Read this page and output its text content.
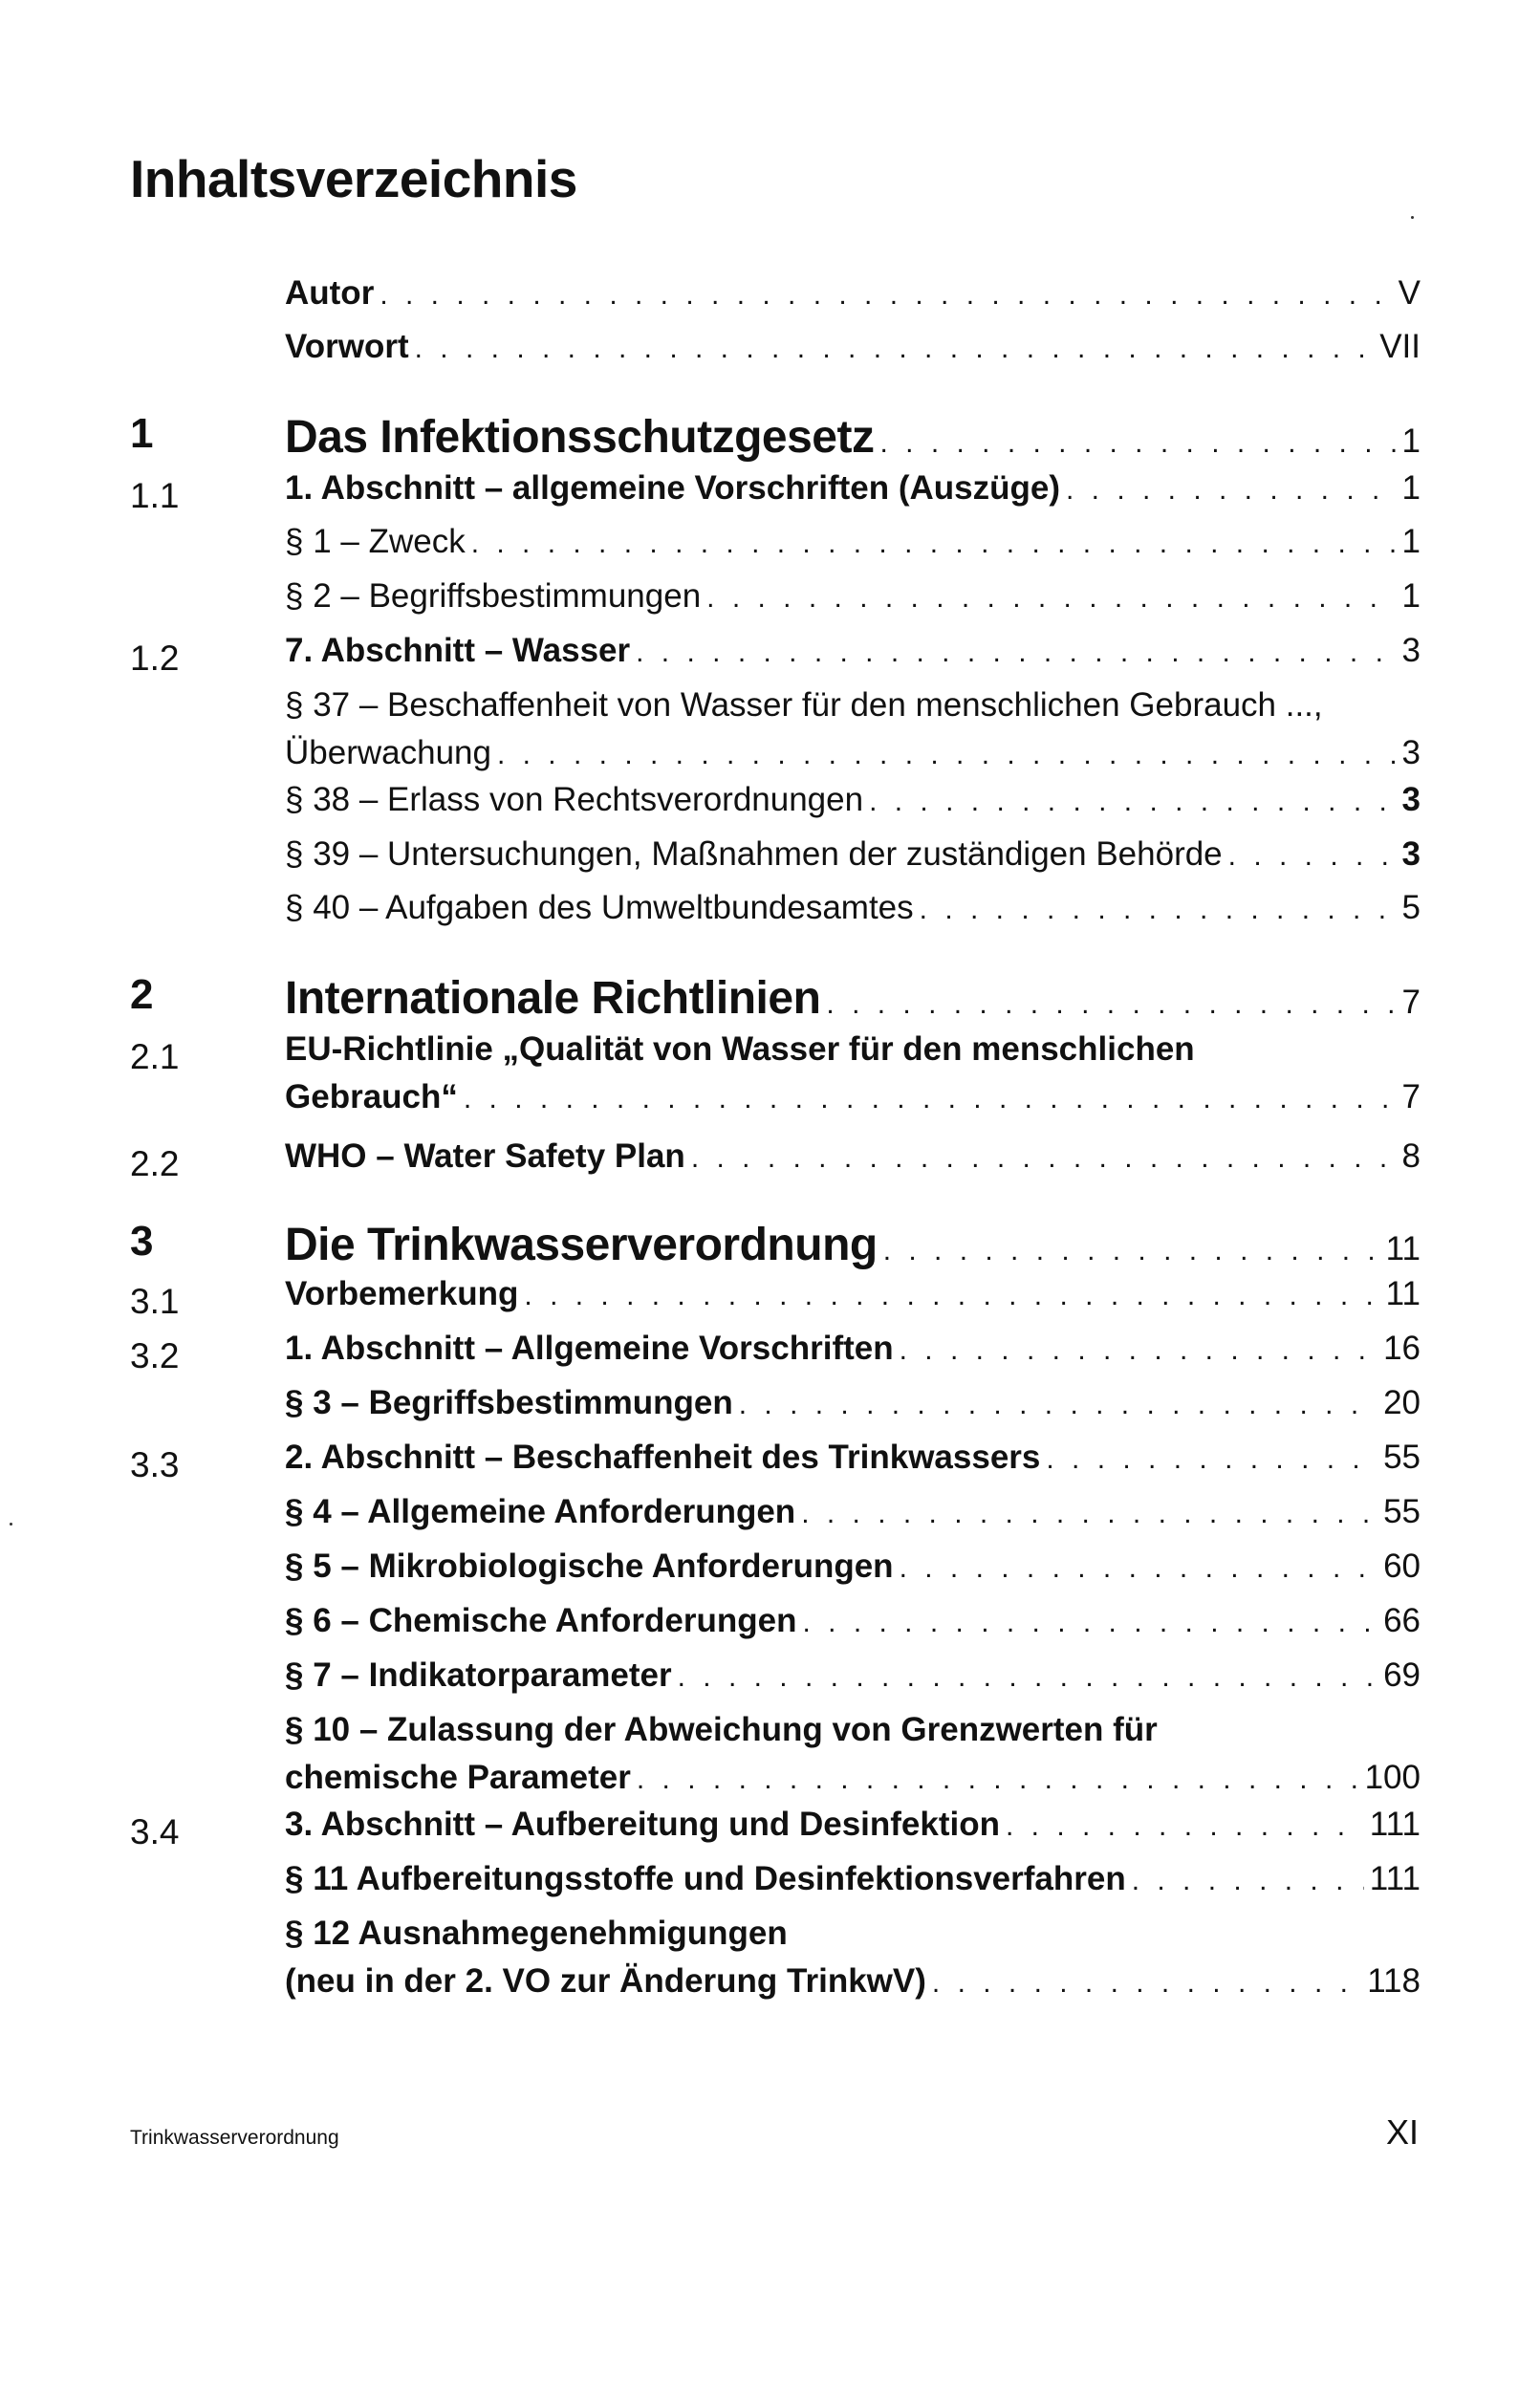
Inhaltsverzeichnis
Autor . . .	V
Vorwort . . .	VII
1	Das Infektionsschutzgesetz . . .	1
1.1	1. Abschnitt – allgemeine Vorschriften (Auszüge) . . .	1
§ 1 – Zweck . . .	1
§ 2 – Begriffsbestimmungen . . .	1
1.2	7. Abschnitt – Wasser . . .	3
§ 37 – Beschaffenheit von Wasser für den menschlichen Gebrauch ...,
Überwachung . . .	3
§ 38 – Erlass von Rechtsverordnungen . . .	3
§ 39 – Untersuchungen, Maßnahmen der zuständigen Behörde . . .	3
§ 40 – Aufgaben des Umweltbundesamtes . . .	5
2	Internationale Richtlinien . . .	7
2.1	EU-Richtlinie „Qualität von Wasser für den menschlichen
Gebrauch“ . . .	7
2.2	WHO – Water Safety Plan . . .	8
3	Die Trinkwasserverordnung . . .	11
3.1	Vorbemerkung . . .	11
3.2	1. Abschnitt – Allgemeine Vorschriften . . .	16
§ 3 – Begriffsbestimmungen . . .	20
3.3	2. Abschnitt – Beschaffenheit des Trinkwassers . . .	55
§ 4 – Allgemeine Anforderungen . . .	55
§ 5 – Mikrobiologische Anforderungen . . .	60
§ 6 – Chemische Anforderungen . . .	66
§ 7 – Indikatorparameter . . .	69
§ 10 – Zulassung der Abweichung von Grenzwerten für
chemische Parameter . . .	100
3.4	3. Abschnitt – Aufbereitung und Desinfektion . . .	111
§ 11 Aufbereitungsstoffe und Desinfektionsverfahren . . .	111
§ 12 Ausnahmegenehmigungen
(neu in der 2. VO zur Änderung TrinkwV) . . .	118
Trinkwasserverordnung	XI
